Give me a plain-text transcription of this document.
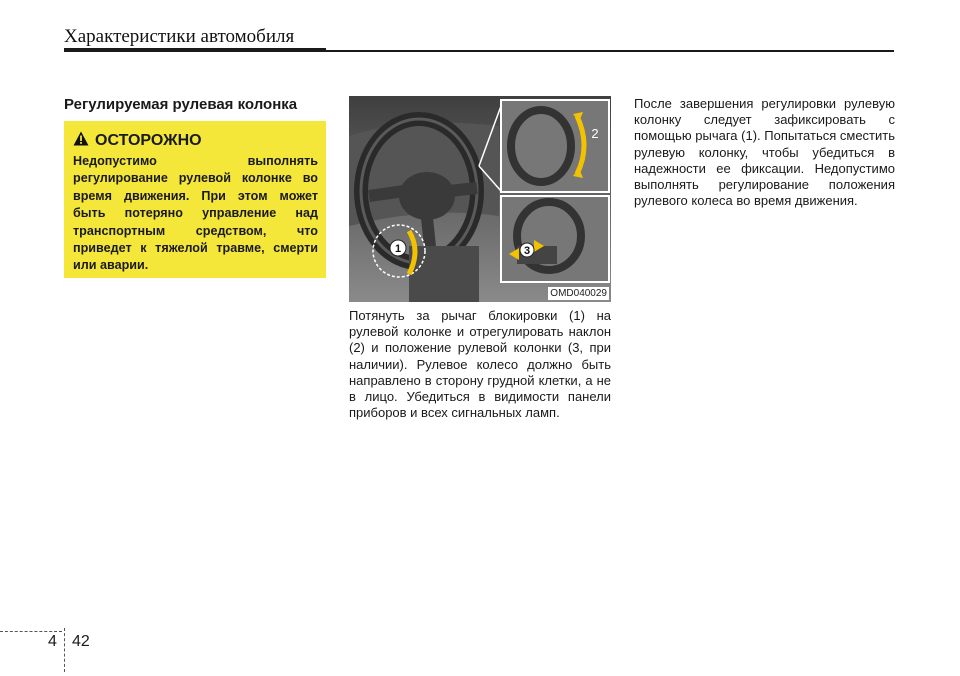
Характеристики автомобиля
Регулируемая рулевая колонка
ОСТОРОЖНО
Недопустимо выполнять регулирование рулевой колонке во время движения. При этом может быть потеряно управление над транспортным средством, что приведет к тяжелой травме, смерти или аварии.
1
2
3
OMD040029
Потянуть за рычаг блокировки (1) на рулевой колонке и отрегулировать наклон (2) и положение рулевой колонки (3, при наличии). Рулевое колесо должно быть направлено в сторону грудной клетки, а не в лицо. Убедиться в видимости панели приборов и всех сигнальных ламп.
После завершения регулировки рулевую колонку следует зафиксировать с помощью рычага (1). Попытаться сместить рулевую колонку, чтобы убедиться в надежности ее фиксации. Недопустимо выполнять регулирование положения рулевого колеса во время движения.
4 42
